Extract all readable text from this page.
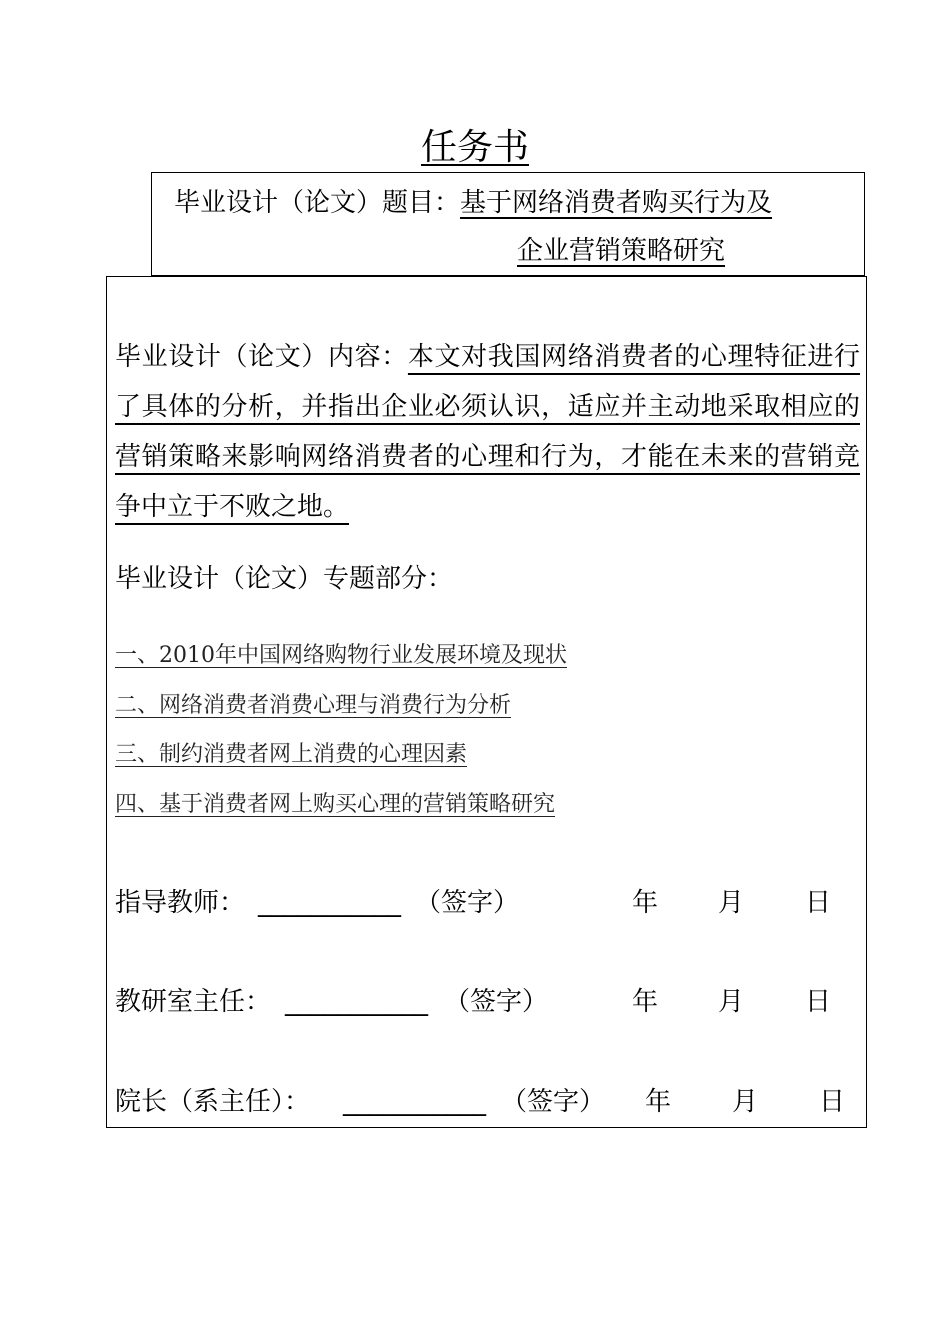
任务书
毕业设计（论文）题目：基于网络消费者购买行为及
企业营销策略研究
毕业设计（论文）内容：本文对我国网络消费者的心理特征进行了具体的分析，并指出企业必须认识，适应并主动地采取相应的营销策略来影响网络消费者的心理和行为，才能在未来的营销竞争中立于不败之地。
毕业设计（论文）专题部分：
一、2010年中国网络购物行业发展环境及现状
二、网络消费者消费心理与消费行为分析
三、制约消费者网上消费的心理因素
四、基于消费者网上购买心理的营销策略研究
指导教师： ___________ （签字）	年 月 日
教研室主任： ___________ （签字）	年 月 日
院长（系主任）： ___________ （签字） 年 月 日
